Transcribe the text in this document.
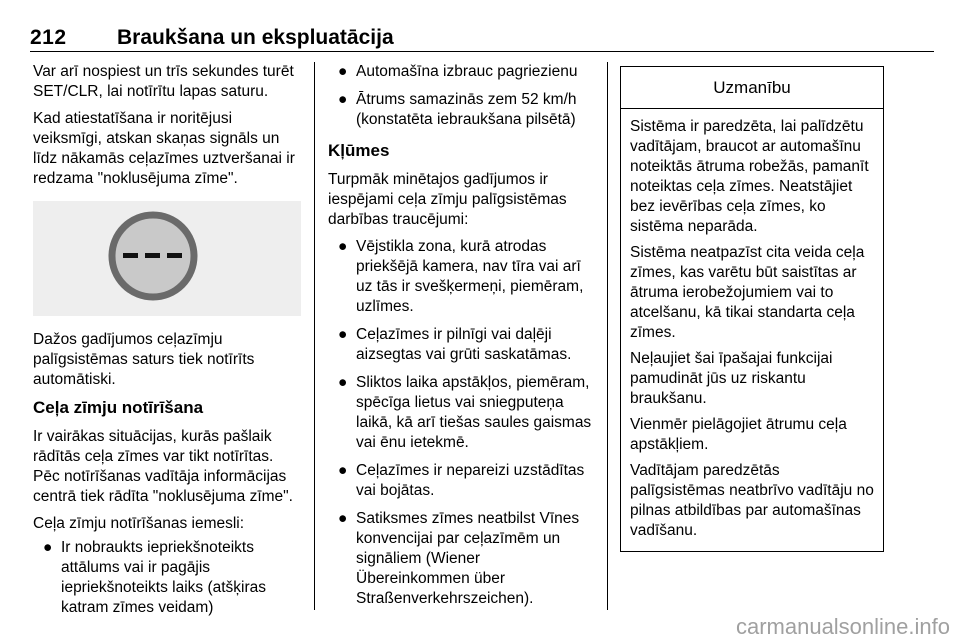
212 Braukšana un ekspluatācija

Var arī nospiest un trīs sekundes turēt SET/CLR, lai notīrītu lapas saturu.

Kad atiestatīšana ir noritējusi veiksmīgi, atskan skaņas signāls un līdz nākamās ceļazīmes uztveršanai ir redzama "noklusējuma zīme".

Dažos gadījumos ceļazīmju palīgsistēmas saturs tiek notīrīts automātiski.

Ceļa zīmju notīrīšana

Ir vairākas situācijas, kurās pašlaik rādītās ceļa zīmes var tikt notīrītas. Pēc notīrīšanas vadītāja informācijas centrā tiek rādīta "noklusējuma zīme".

Ceļa zīmju notīrīšanas iemesli:

● Ir nobraukts iepriekšnoteikts attālums vai ir pagājis iepriekšnoteikts laiks (atšķiras katram zīmes veidam)
● Automašīna izbrauc pagriezienu
● Ātrums samazinās zem 52 km/h (konstatēta iebraukšana pilsētā)
Kļūmes

Turpmāk minētajos gadījumos ir iespējami ceļa zīmju palīgsistēmas darbības traucējumi:

● Vējstikla zona, kurā atrodas priekšējā kamera, nav tīra vai arī uz tās ir svešķermeņi, piemēram, uzlīmes.
● Ceļazīmes ir pilnīgi vai daļēji aizsegtas vai grūti saskatāmas.
● Sliktos laika apstākļos, piemēram, spēcīga lietus vai sniegputeņa laikā, kā arī tiešas saules gaismas vai ēnu ietekmē.
● Ceļazīmes ir nepareizi uzstādītas vai bojātas.
● Satiksmes zīmes neatbilst Vīnes konvencijai par ceļazīmēm un signāliem (Wiener Übereinkommen über Straßenverkehrszeichen).
Uzmanību

Sistēma ir paredzēta, lai palīdzētu vadītājam, braucot ar automašīnu noteiktās ātruma robežās, pamanīt noteiktas ceļa zīmes. Neatstājiet bez ievērības ceļa zīmes, ko sistēma neparāda.

Sistēma neatpazīst cita veida ceļa zīmes, kas varētu būt saistītas ar ātruma ierobežojumiem vai to atcelšanu, kā tikai standarta ceļa zīmes.

Neļaujiet šai īpašajai funkcijai pamudināt jūs uz riskantu braukšanu.

Vienmēr pielāgojiet ātrumu ceļa apstākļiem.

Vadītājam paredzētās palīgsistēmas neatbrīvo vadītāju no pilnas atbildības par automašīnas vadīšanu.

carmanualsonline.info
